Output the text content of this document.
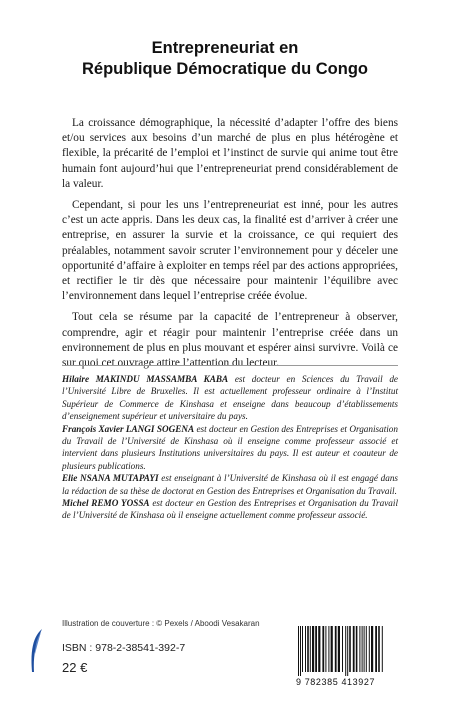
Entrepreneuriat en
République Démocratique du Congo

La croissance démographique, la nécessité d’adapter l’offre des biens et/ou services aux besoins d’un marché de plus en plus hétérogène et flexible, la précarité de l’emploi et l’instinct de survie qui anime tout être humain font aujourd’hui que l’entrepreneuriat prend considérablement de la valeur.

Cependant, si pour les uns l’entrepreneuriat est inné, pour les autres c’est un acte appris. Dans les deux cas, la finalité est d’arriver à créer une entreprise, en assurer la survie et la croissance, ce qui requiert des préalables, notamment savoir scruter l’environnement pour y déceler une opportunité d’affaire à exploiter en temps réel par des actions appropriées, et rectifier le tir dès que nécessaire pour maintenir l’équilibre avec l’environnement dans lequel l’entreprise créée évolue.

Tout cela se résume par la capacité de l’entrepreneur à observer, comprendre, agir et réagir pour maintenir l’entreprise créée dans un environnement de plus en plus mouvant et espérer ainsi survivre. Voilà ce sur quoi cet ouvrage attire l’attention du lecteur.

Hilaire MAKINDU MASSAMBA KABA est docteur en Sciences du Travail de l’Université Libre de Bruxelles. Il est actuellement professeur ordinaire à l’Institut Supérieur de Commerce de Kinshasa et enseigne dans beaucoup d’établissements d’enseignement supérieur et universitaire du pays.

François Xavier LANGI SOGENA est docteur en Gestion des Entreprises et Organisation du Travail de l’Université de Kinshasa où il enseigne comme professeur associé et intervient dans plusieurs Institutions universitaires du pays. Il est auteur et coauteur de plusieurs publications.

Elie NSANA MUTAPAYI est enseignant à l’Université de Kinshasa où il est engagé dans la rédaction de sa thèse de doctorat en Gestion des Entreprises et Organisation du Travail.

Michel REMO YOSSA est docteur en Gestion des Entreprises et Organisation du Travail de l’Université de Kinshasa où il enseigne actuellement comme professeur associé.

Illustration de couverture : © Pexels / Aboodi Vesakaran
ISBN : 978-2-38541-392-7
22 €
9 782385 413927
